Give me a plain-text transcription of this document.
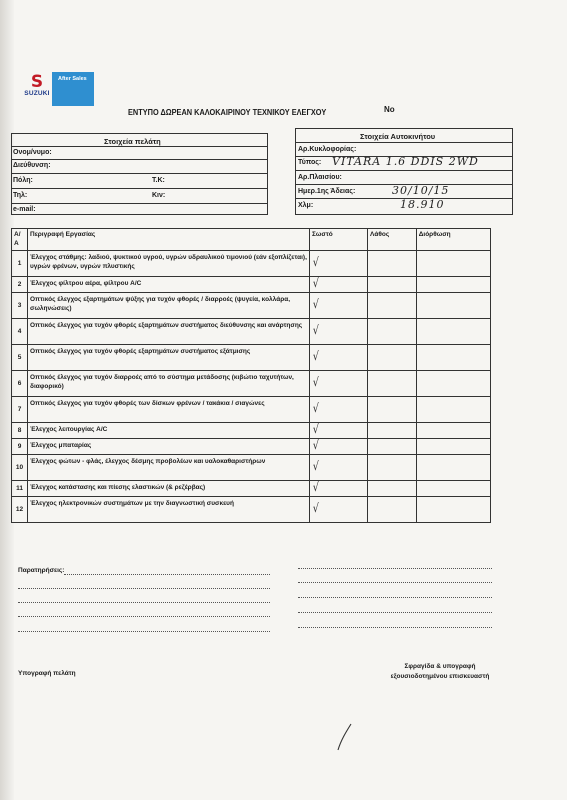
S
SUZUKI
After Sales
ΕΝΤΥΠΟ ΔΩΡΕΑΝ ΚΑΛΟΚΑΙΡΙΝΟΥ ΤΕΧΝΙΚΟΥ ΕΛΕΓΧΟΥ	No
Στοιχεία πελάτη
Ονομ/νυμο:
Διεύθυνση:
Πόλη:	Τ.Κ:
Τηλ:	Κιν:
e-mail:
Στοιχεία Αυτοκινήτου
Αρ.Κυκλοφορίας:
Τύπος: VITARA 1.6 DDIS 2WD
Αρ.Πλαισίου:
Ημερ.1ης Άδειας:	30/10/15
Χλμ:	18.910
Α/Α	Περιγραφή Εργασίας	Σωστό	Λάθος	Διόρθωση
1	Έλεγχος στάθμης: λαδιού, ψυκτικού υγρού, υγρών υδραυλικού τιμονιού (εάν εξοπλίζεται), υγρών φρένων, υγρών πλυστικής	√		
2	Έλεγχος φίλτρου αέρα, φίλτρου A/C	√		
3	Οπτικός έλεγχος εξαρτημάτων ψύξης για τυχόν φθορές / διαρροές (ψυγεία, κολλάρα, σωληνώσεις)	√		
4	Οπτικός έλεγχος για τυχόν φθορές εξαρτημάτων συστήματος διεύθυνσης και ανάρτησης	√		
5	Οπτικός έλεγχος για τυχόν φθορές εξαρτημάτων συστήματος εξάτμισης	√		
6	Οπτικός έλεγχος για τυχόν διαρροές από το σύστημα μετάδοσης (κιβώτιο ταχυτήτων, διαφορικό)	√		
7	Οπτικός έλεγχος για τυχόν φθορές των δίσκων φρένων / τακάκια / σιαγώνες	√		
8	Έλεγχος λειτουργίας A/C	√		
9	Έλεγχος μπαταρίας	√		
10	Έλεγχος φώτων - φλάς, έλεγχος δέσμης προβολέων και υαλοκαθαριστήρων	√		
11	Έλεγχος κατάστασης και πίεσης ελαστικών (& ρεζέρβας)	√		
12	Έλεγχος ηλεκτρονικών συστημάτων με την διαγνωστική συσκευή	√		
Παρατηρήσεις:
Υπογραφή πελάτη
Σφραγίδα & υπογραφή
εξουσιοδοτημένου επισκευαστή
